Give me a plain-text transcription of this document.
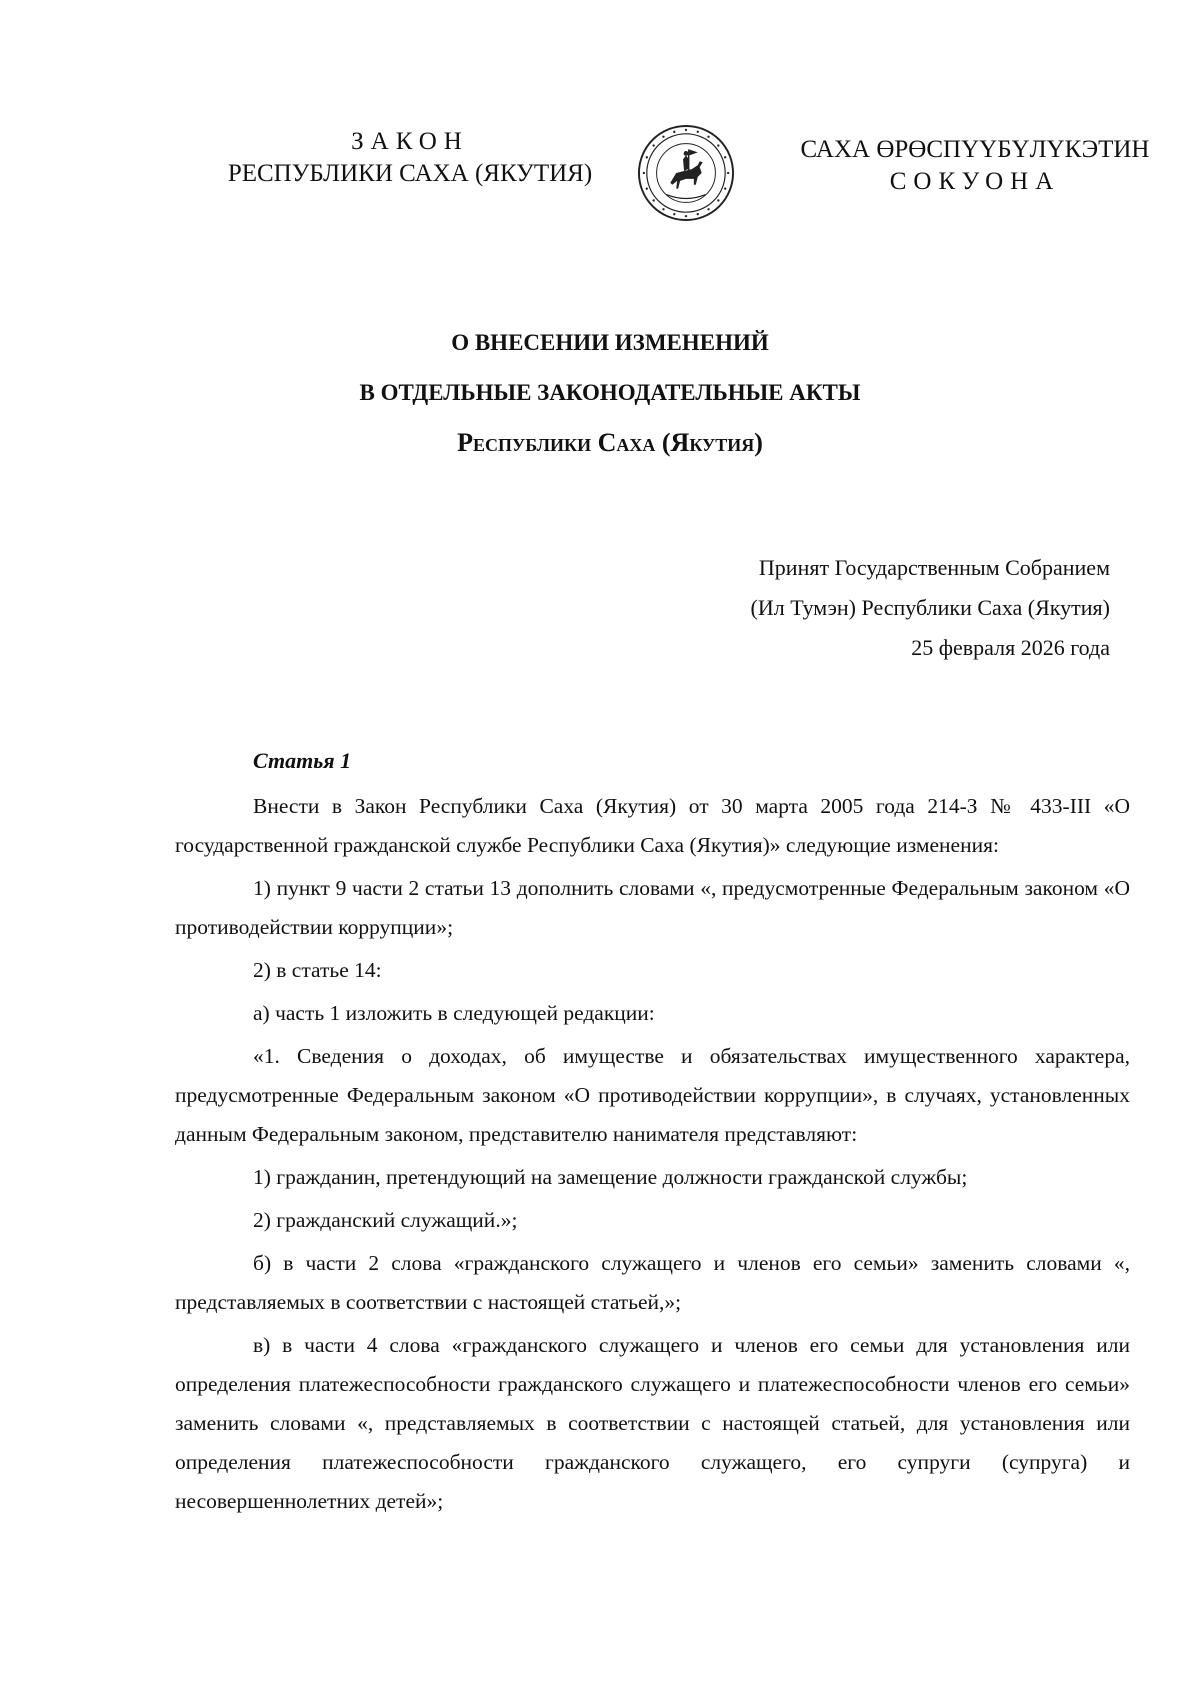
ЗАКОН
РЕСПУБЛИКИ САХА (ЯКУТИЯ)
САХА ӨРӨСПҮҮБҮЛҮКЭТИН
СОКУОНА
О ВНЕСЕНИИ ИЗМЕНЕНИЙ
В ОТДЕЛЬНЫЕ ЗАКОНОДАТЕЛЬНЫЕ АКТЫ
Республики Саха (Якутия)
Принят Государственным Собранием
(Ил Тумэн) Республики Саха (Якутия)
25 февраля 2026 года
Статья 1

Внести в Закон Республики Саха (Якутия) от 30 марта 2005 года 214-З № 433-III «О государственной гражданской службе Республики Саха (Якутия)» следующие изменения:

1) пункт 9 части 2 статьи 13 дополнить словами «, предусмотренные Федеральным законом «О противодействии коррупции»;

2) в статье 14:

а) часть 1 изложить в следующей редакции:

«1. Сведения о доходах, об имуществе и обязательствах имущественного характера, предусмотренные Федеральным законом «О противодействии коррупции», в случаях, установленных данным Федеральным законом, представителю нанимателя представляют:

1) гражданин, претендующий на замещение должности гражданской службы;

2) гражданский служащий.»;

б) в части 2 слова «гражданского служащего и членов его семьи» заменить словами «, представляемых в соответствии с настоящей статьей,»;

в) в части 4 слова «гражданского служащего и членов его семьи для установления или определения платежеспособности гражданского служащего и платежеспособности членов его семьи» заменить словами «, представляемых в соответствии с настоящей статьей, для установления или определения платежеспособности гражданского служащего, его супруги (супруга) и несовершеннолетних детей»;
